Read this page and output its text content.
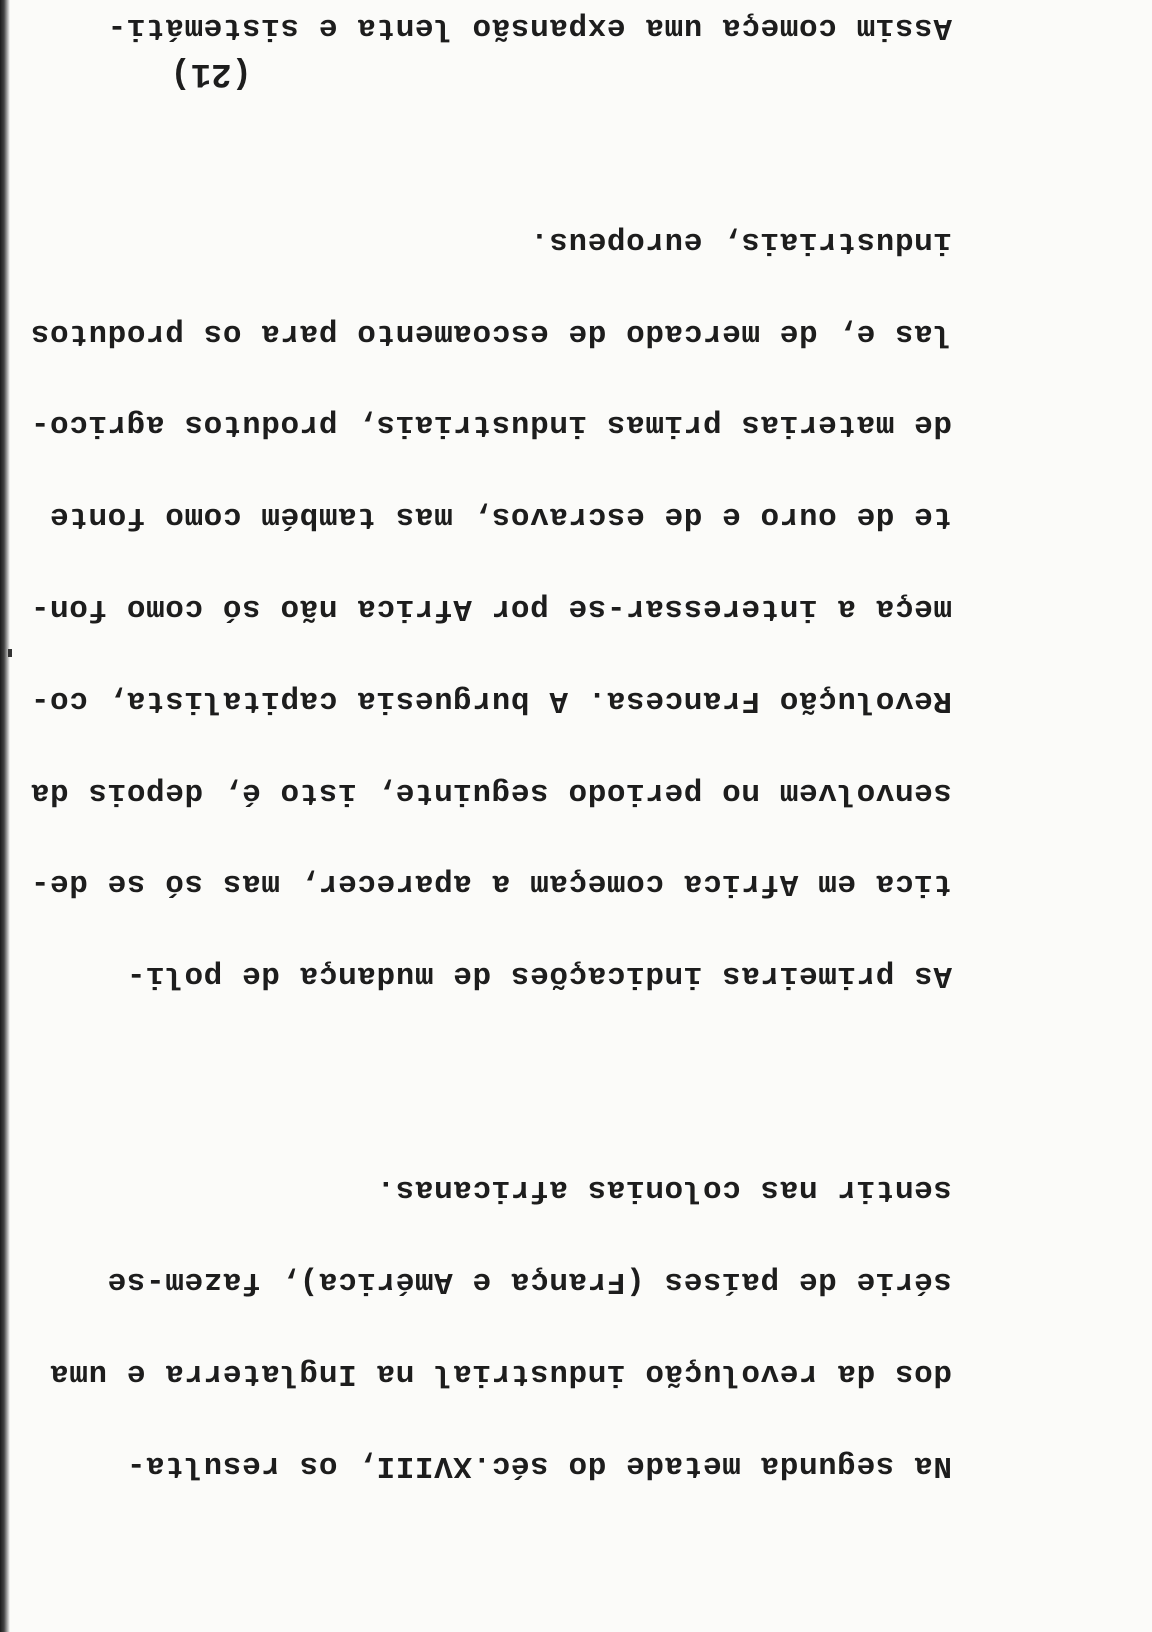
Na segunda metade do séc.XVIII, os resulta-

dos da revolução industrial na Inglaterra e uma

série de países (França e América), fazem-se

sentir nas colonias africanas.

As primeiras indicações de mudança de poli-

tica em Africa começam a aparecer, mas só se de-

senvolvem no periodo seguinte, isto é, depois da

Revolução Francesa. A burguesia capitalista, co-

meça a interessar-se por Africa não só como fon-

te de ouro e de escravos, mas também como fonte

de materias primas industriais, produtos agrico-

las e, de mercado de escoamento para os produtos

industriais, europeus.

Assim começa uma expansão lenta e sistemáti-

(21)
